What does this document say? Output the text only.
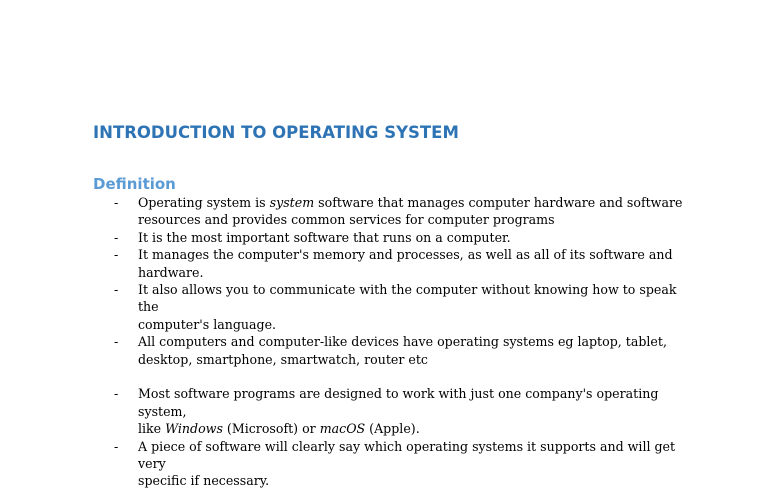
INTRODUCTION TO OPERATING SYSTEM
Definition
-	Operating system is system software that manages computer hardware and software
resources and provides common services for computer programs
-	It is the most important software that runs on a computer.
-	It manages the computer's memory and processes, as well as all of its software and
hardware.
-	It also allows you to communicate with the computer without knowing how to speak the
computer's language.
-	All computers and computer-like devices have operating systems eg laptop, tablet,
desktop, smartphone, smartwatch, router etc
-	Most software programs are designed to work with just one company's operating system,
like Windows (Microsoft) or macOS (Apple).
-	A piece of software will clearly say which operating systems it supports and will get very
specific if necessary.
